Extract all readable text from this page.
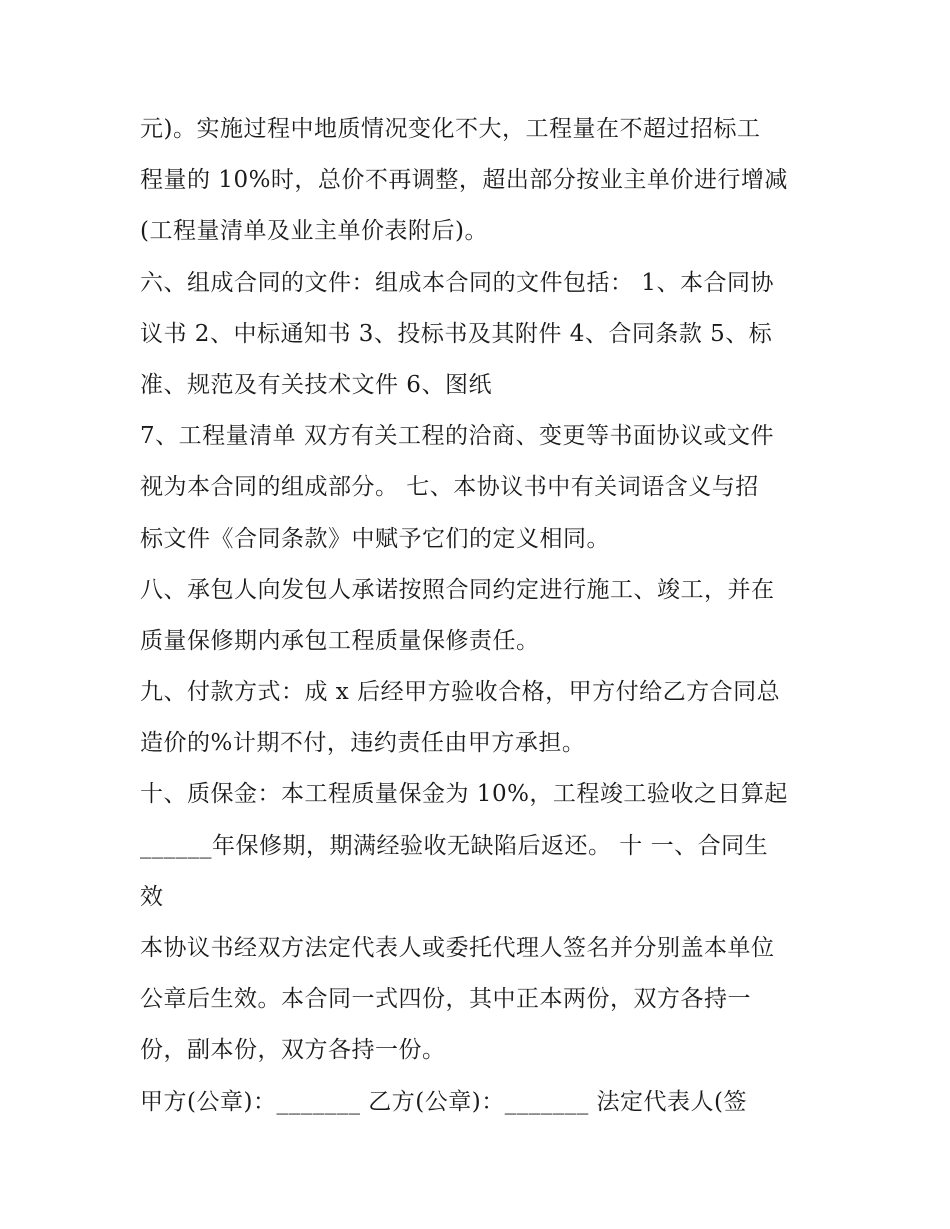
元)。实施过程中地质情况变化不大，工程量在不超过招标工
程量的 10%时，总价不再调整，超出部分按业主单价进行增减
(工程量清单及业主单价表附后)。
六、组成合同的文件：组成本合同的文件包括： 1、本合同协
议书 2、中标通知书 3、投标书及其附件 4、合同条款 5、标
准、规范及有关技术文件 6、图纸
7、工程量清单 双方有关工程的洽商、变更等书面协议或文件
视为本合同的组成部分。 七、本协议书中有关词语含义与招
标文件《合同条款》中赋予它们的定义相同。
八、承包人向发包人承诺按照合同约定进行施工、竣工，并在
质量保修期内承包工程质量保修责任。
九、付款方式：成 x 后经甲方验收合格，甲方付给乙方合同总
造价的%计期不付，违约责任由甲方承担。
十、质保金：本工程质量保金为 10%，工程竣工验收之日算起
______年保修期，期满经验收无缺陷后返还。 十 一、合同生
效
本协议书经双方法定代表人或委托代理人签名并分别盖本单位
公章后生效。本合同一式四份，其中正本两份，双方各持一
份，副本份，双方各持一份。
甲方(公章)：_______ 乙方(公章)：_______ 法定代表人(签
